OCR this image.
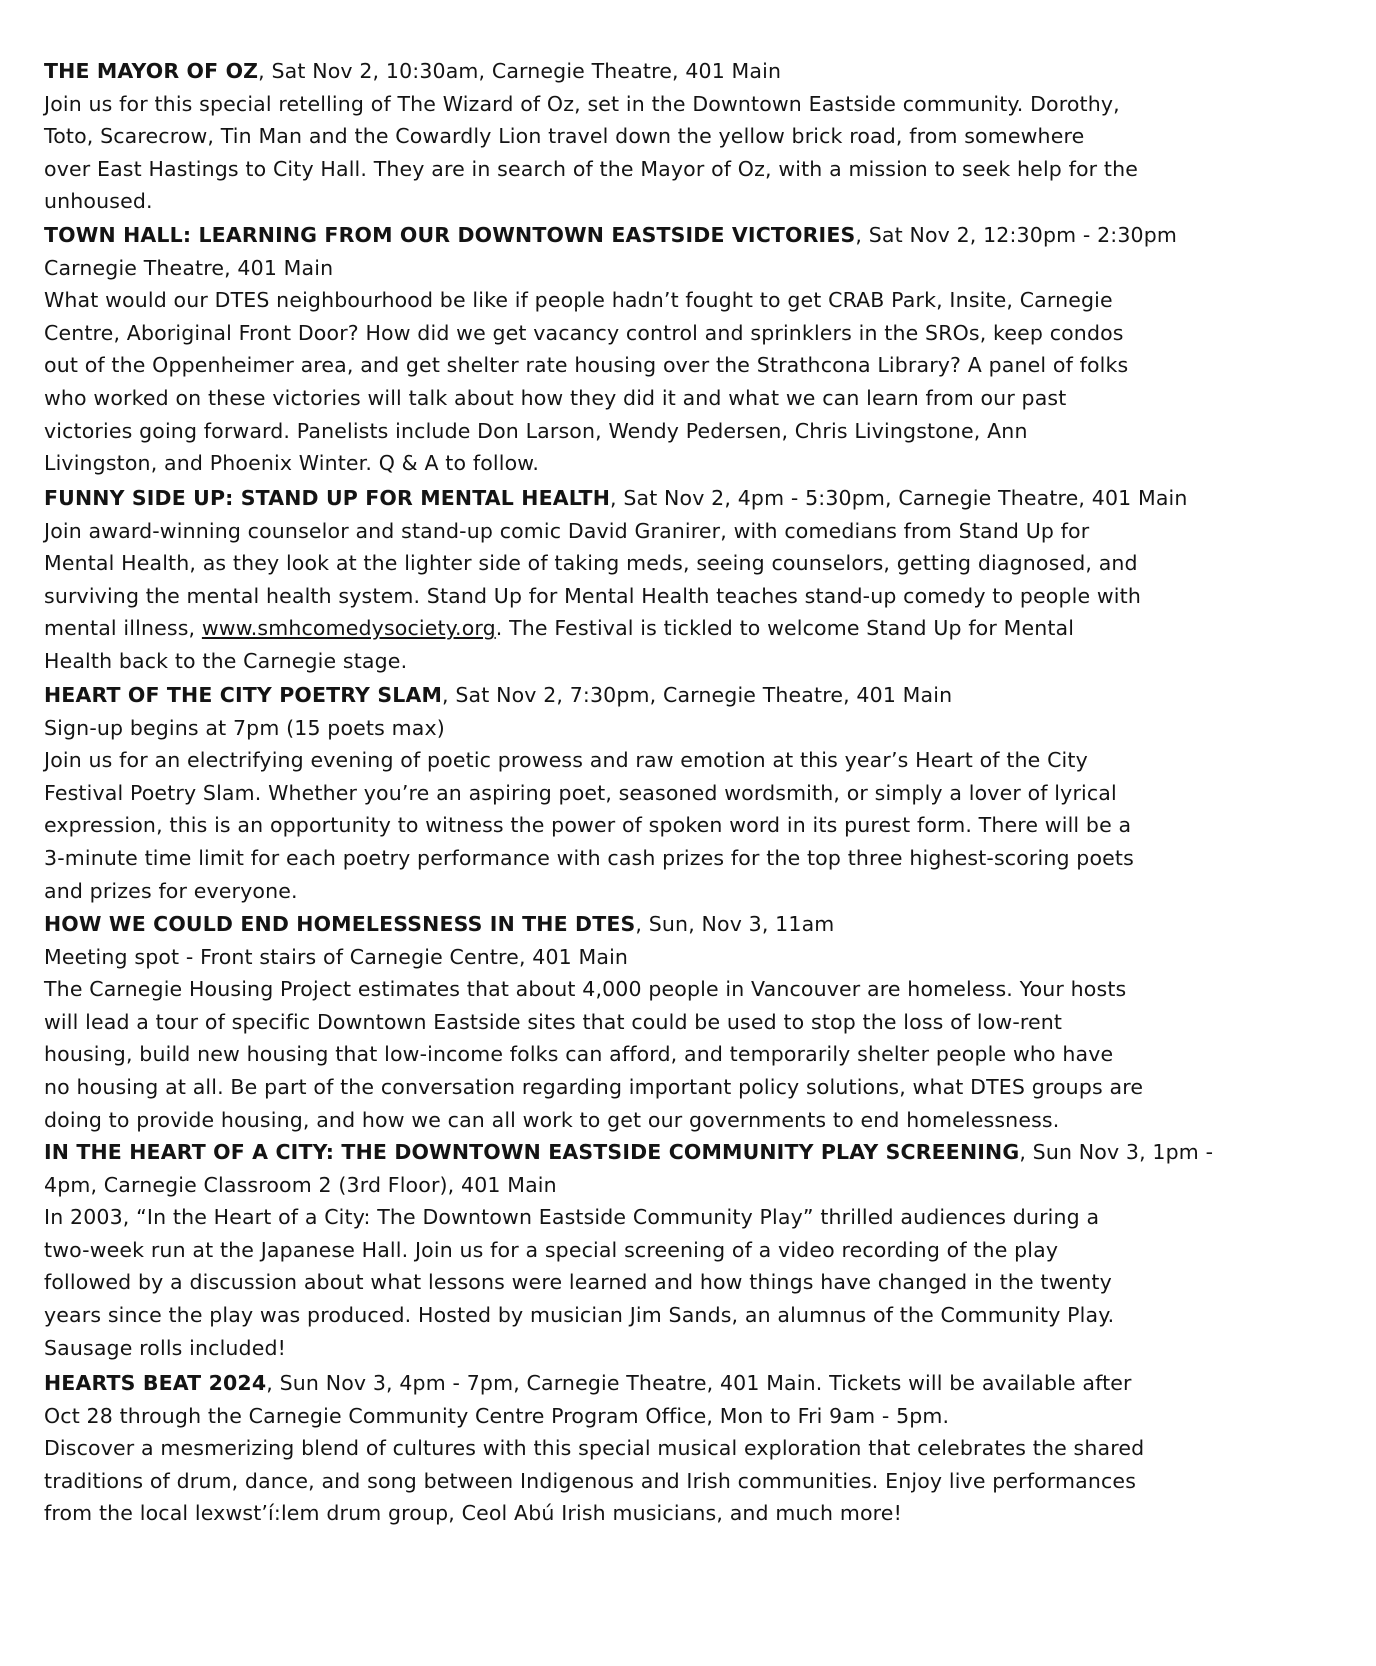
THE MAYOR OF OZ, Sat Nov 2, 10:30am, Carnegie Theatre, 401 Main
Join us for this special retelling of The Wizard of Oz, set in the Downtown Eastside community. Dorothy,
Toto, Scarecrow, Tin Man and the Cowardly Lion travel down the yellow brick road, from somewhere
over East Hastings to City Hall. They are in search of the Mayor of Oz, with a mission to seek help for the
unhoused.
TOWN HALL: LEARNING FROM OUR DOWNTOWN EASTSIDE VICTORIES, Sat Nov 2, 12:30pm - 2:30pm
Carnegie Theatre, 401 Main
What would our DTES neighbourhood be like if people hadn’t fought to get CRAB Park, Insite, Carnegie
Centre, Aboriginal Front Door? How did we get vacancy control and sprinklers in the SROs, keep condos
out of the Oppenheimer area, and get shelter rate housing over the Strathcona Library? A panel of folks
who worked on these victories will talk about how they did it and what we can learn from our past
victories going forward. Panelists include Don Larson, Wendy Pedersen, Chris Livingstone, Ann
Livingston, and Phoenix Winter. Q & A to follow.
FUNNY SIDE UP: STAND UP FOR MENTAL HEALTH, Sat Nov 2, 4pm - 5:30pm, Carnegie Theatre, 401 Main
Join award-winning counselor and stand-up comic David Granirer, with comedians from Stand Up for
Mental Health, as they look at the lighter side of taking meds, seeing counselors, getting diagnosed, and
surviving the mental health system. Stand Up for Mental Health teaches stand-up comedy to people with
mental illness, www.smhcomedysociety.org. The Festival is tickled to welcome Stand Up for Mental
Health back to the Carnegie stage.
HEART OF THE CITY POETRY SLAM, Sat Nov 2, 7:30pm, Carnegie Theatre, 401 Main
Sign-up begins at 7pm (15 poets max)
Join us for an electrifying evening of poetic prowess and raw emotion at this year’s Heart of the City
Festival Poetry Slam. Whether you’re an aspiring poet, seasoned wordsmith, or simply a lover of lyrical
expression, this is an opportunity to witness the power of spoken word in its purest form. There will be a
3-minute time limit for each poetry performance with cash prizes for the top three highest-scoring poets
and prizes for everyone.
HOW WE COULD END HOMELESSNESS IN THE DTES, Sun, Nov 3, 11am
Meeting spot - Front stairs of Carnegie Centre, 401 Main
The Carnegie Housing Project estimates that about 4,000 people in Vancouver are homeless. Your hosts
will lead a tour of specific Downtown Eastside sites that could be used to stop the loss of low-rent
housing, build new housing that low-income folks can afford, and temporarily shelter people who have
no housing at all. Be part of the conversation regarding important policy solutions, what DTES groups are
doing to provide housing, and how we can all work to get our governments to end homelessness.
IN THE HEART OF A CITY: THE DOWNTOWN EASTSIDE COMMUNITY PLAY SCREENING, Sun Nov 3, 1pm -
4pm, Carnegie Classroom 2 (3rd Floor), 401 Main
In 2003, “In the Heart of a City: The Downtown Eastside Community Play” thrilled audiences during a
two-week run at the Japanese Hall. Join us for a special screening of a video recording of the play
followed by a discussion about what lessons were learned and how things have changed in the twenty
years since the play was produced. Hosted by musician Jim Sands, an alumnus of the Community Play.
Sausage rolls included!
HEARTS BEAT 2024, Sun Nov 3, 4pm - 7pm, Carnegie Theatre, 401 Main. Tickets will be available after
Oct 28 through the Carnegie Community Centre Program Office, Mon to Fri 9am - 5pm.
Discover a mesmerizing blend of cultures with this special musical exploration that celebrates the shared
traditions of drum, dance, and song between Indigenous and Irish communities. Enjoy live performances
from the local lexwst’í:lem drum group, Ceol Abú Irish musicians, and much more!
